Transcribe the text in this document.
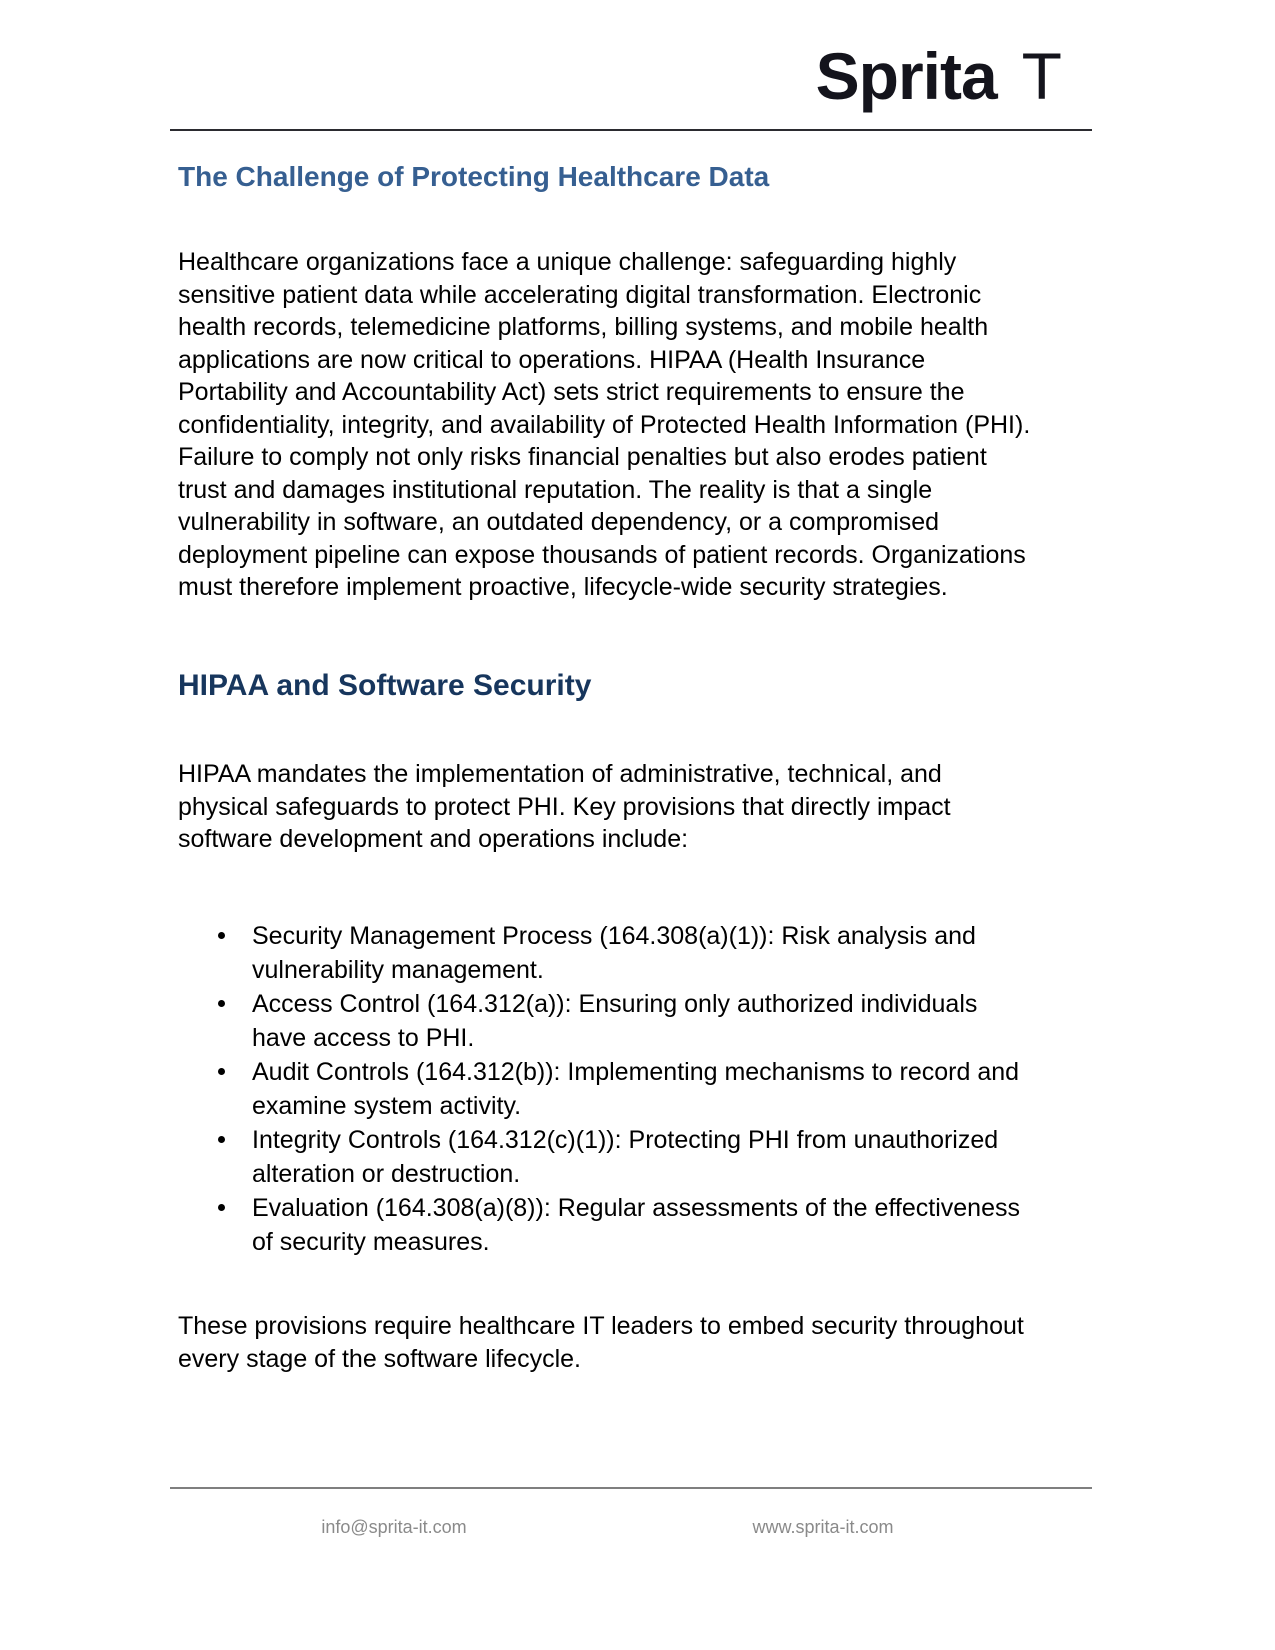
Sprita T
The Challenge of Protecting Healthcare Data
Healthcare organizations face a unique challenge: safeguarding highly sensitive patient data while accelerating digital transformation. Electronic health records, telemedicine platforms, billing systems, and mobile health applications are now critical to operations. HIPAA (Health Insurance Portability and Accountability Act) sets strict requirements to ensure the confidentiality, integrity, and availability of Protected Health Information (PHI). Failure to comply not only risks financial penalties but also erodes patient trust and damages institutional reputation. The reality is that a single vulnerability in software, an outdated dependency, or a compromised deployment pipeline can expose thousands of patient records. Organizations must therefore implement proactive, lifecycle-wide security strategies.
HIPAA and Software Security
HIPAA mandates the implementation of administrative, technical, and physical safeguards to protect PHI. Key provisions that directly impact software development and operations include:
Security Management Process (164.308(a)(1)): Risk analysis and vulnerability management.
Access Control (164.312(a)): Ensuring only authorized individuals have access to PHI.
Audit Controls (164.312(b)): Implementing mechanisms to record and examine system activity.
Integrity Controls (164.312(c)(1)): Protecting PHI from unauthorized alteration or destruction.
Evaluation (164.308(a)(8)): Regular assessments of the effectiveness of security measures.
These provisions require healthcare IT leaders to embed security throughout every stage of the software lifecycle.
info@sprita-it.com	www.sprita-it.com
